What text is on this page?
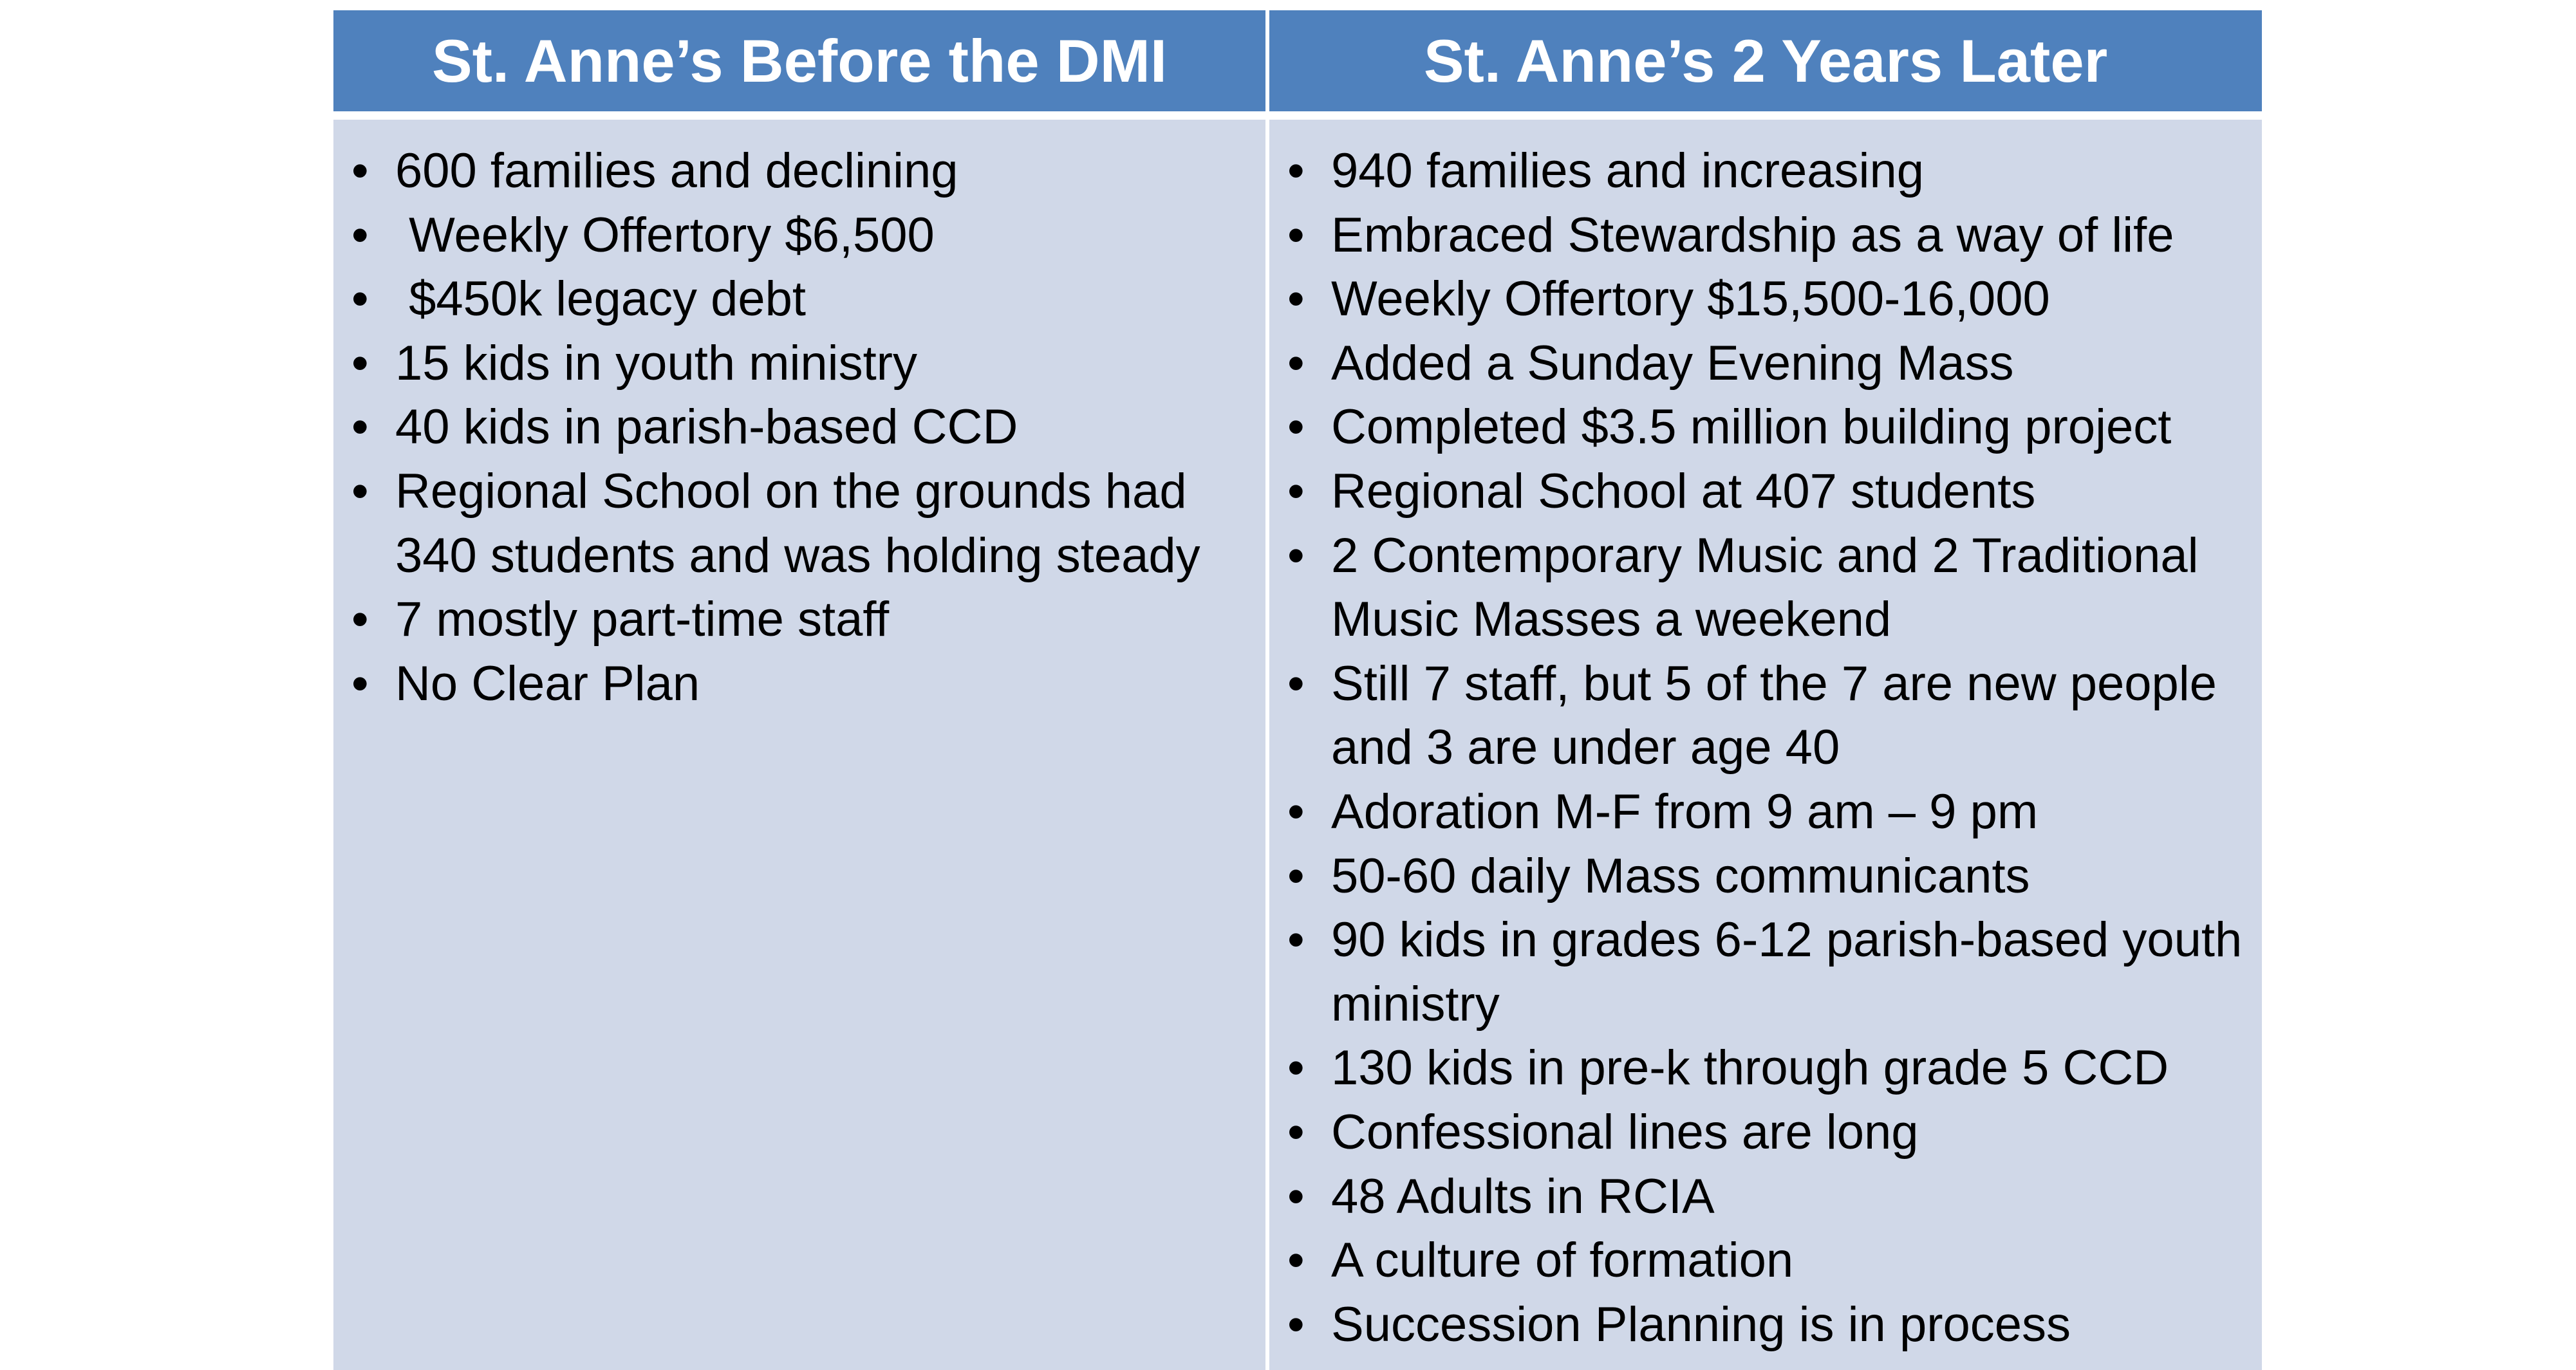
St. Anne’s Before the DMI	St. Anne’s 2 Years Later
• 600 families and declining
• Weekly Offertory $6,500
• $450k legacy debt
• 15 kids in youth ministry
• 40 kids in parish-based CCD
• Regional School on the grounds had 340 students and was holding steady
• 7 mostly part-time staff
• No Clear Plan
• 940 families and increasing
• Embraced Stewardship as a way of life
• Weekly Offertory $15,500-16,000
• Added a Sunday Evening Mass
• Completed $3.5 million building project
• Regional School at 407 students
• 2 Contemporary Music and 2 Traditional Music Masses a weekend
• Still 7 staff, but 5 of the 7 are new people and 3 are under age 40
• Adoration M-F from 9 am – 9 pm
• 50-60 daily Mass communicants
• 90 kids in grades 6-12 parish-based youth ministry
• 130 kids in pre-k through grade 5 CCD
• Confessional lines are long
• 48 Adults in RCIA
• A culture of formation
• Succession Planning is in process
